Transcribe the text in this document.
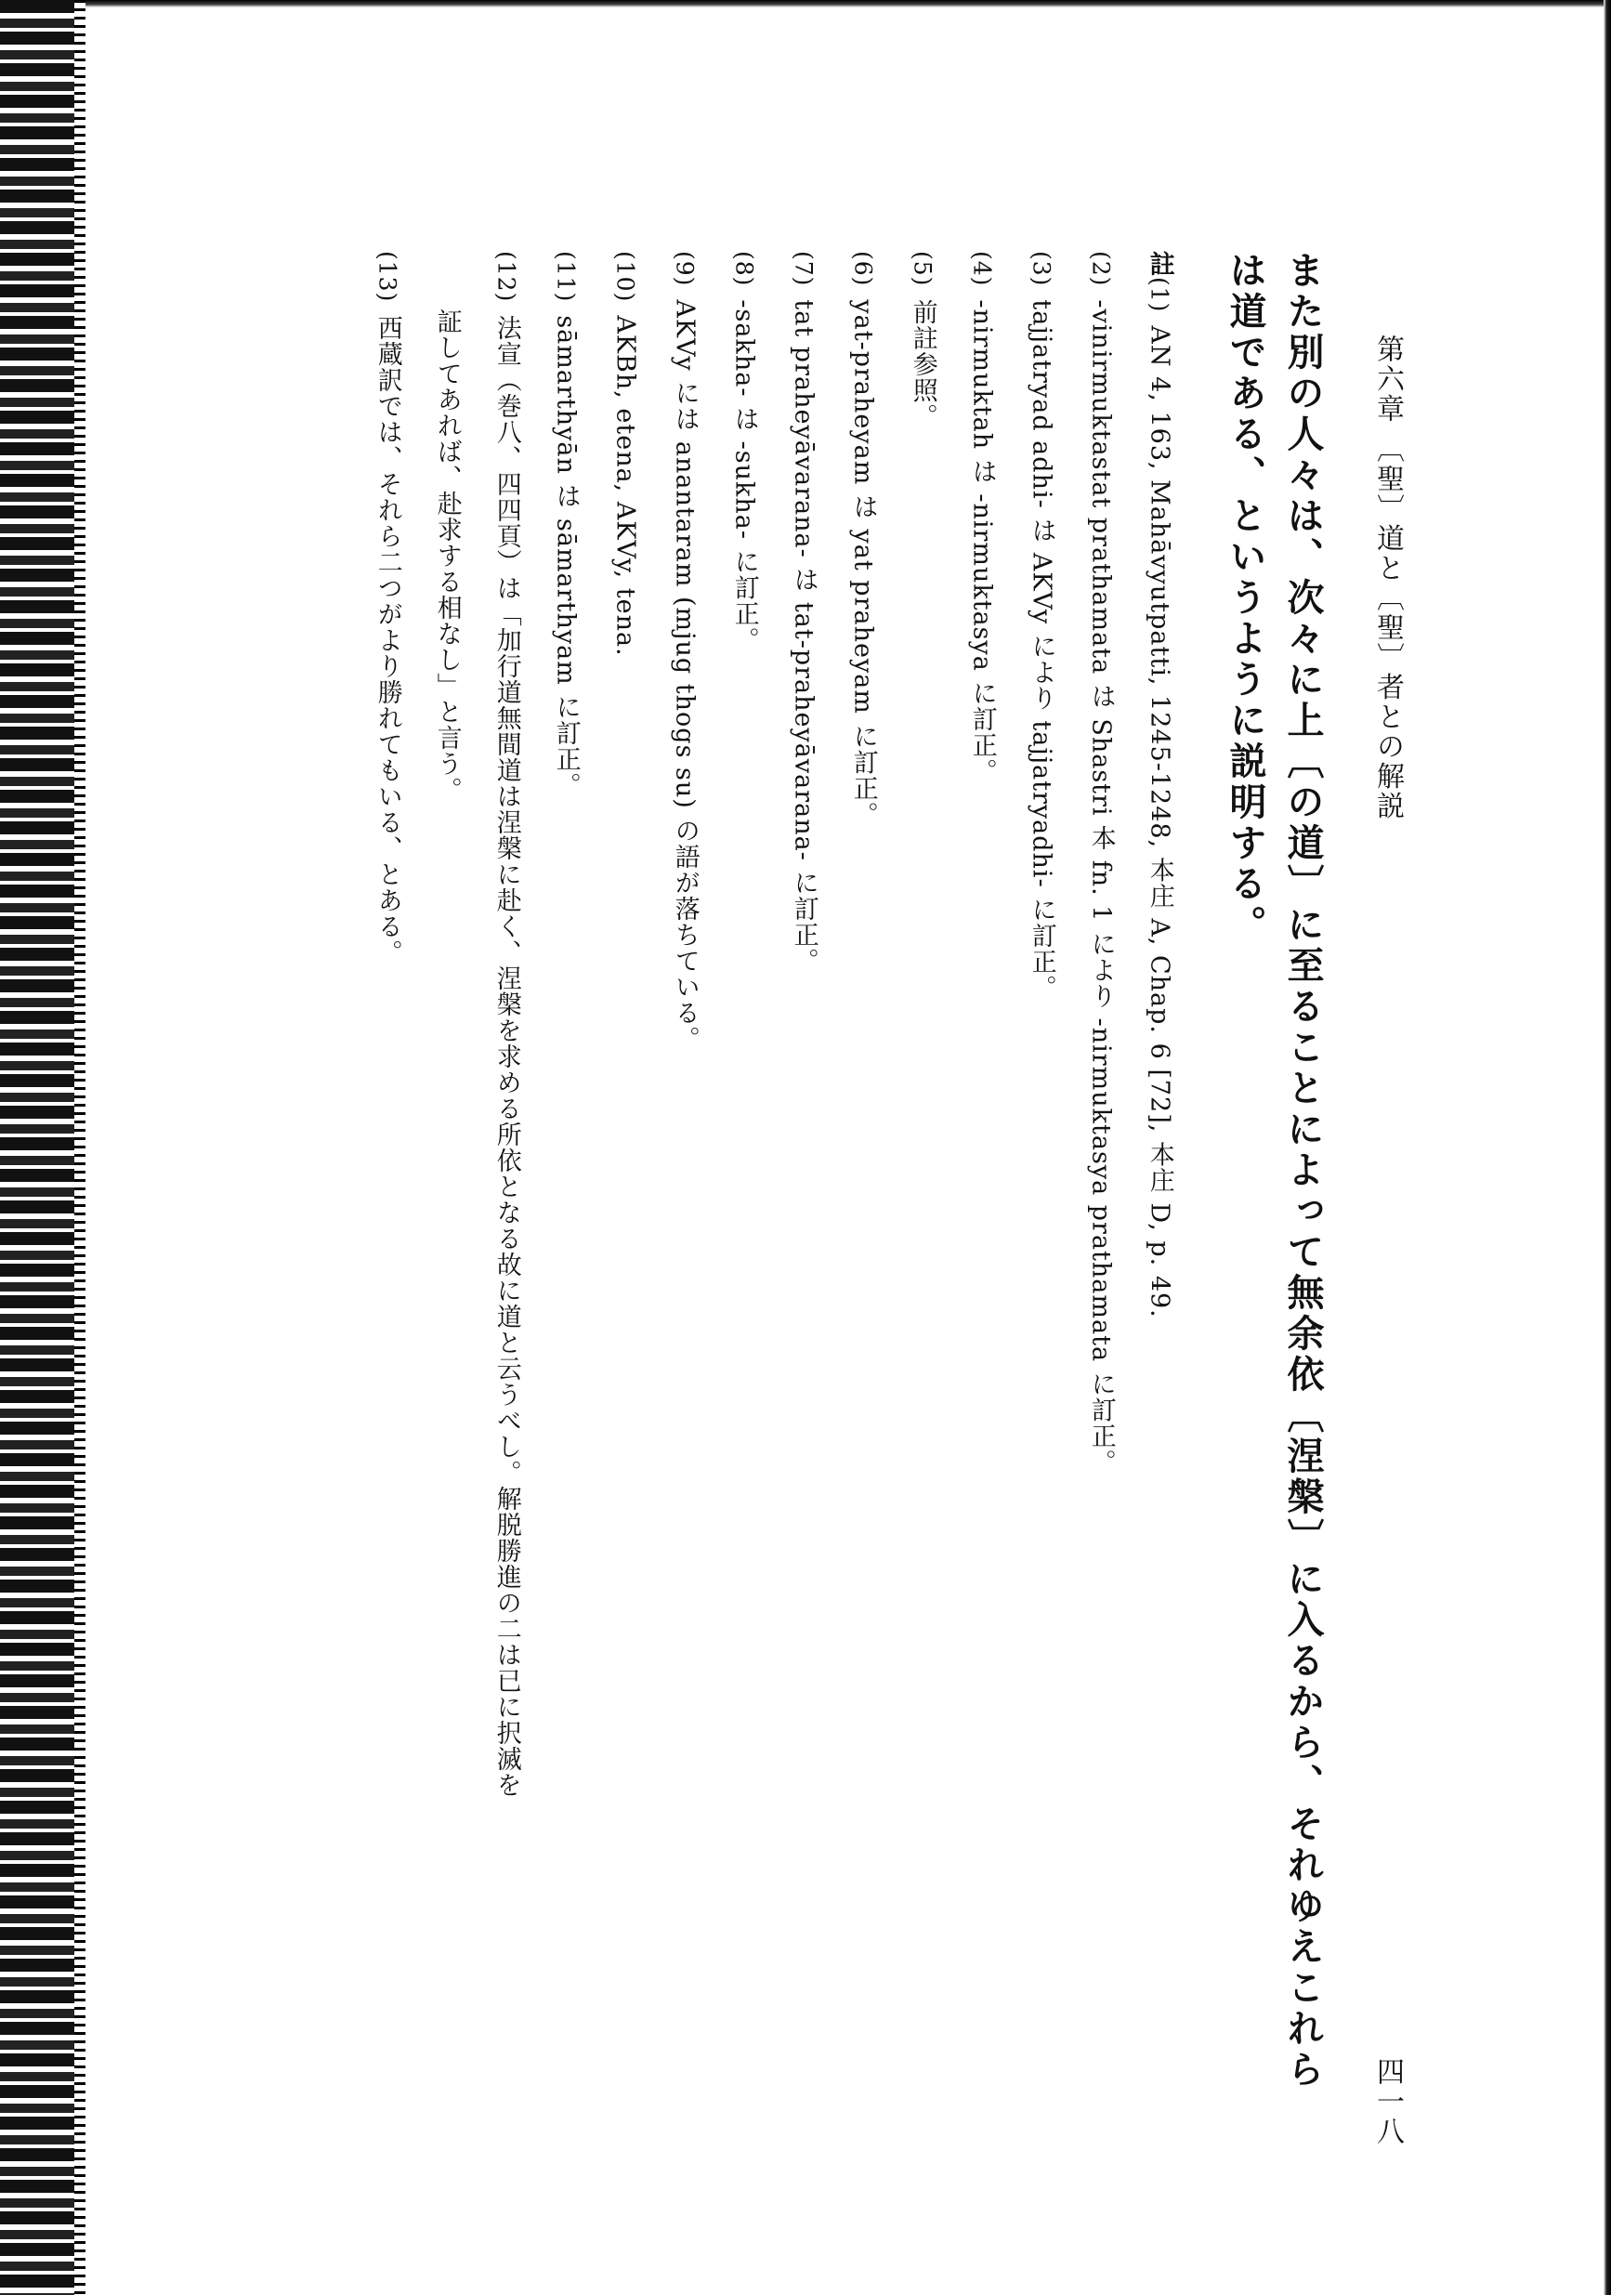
第六章 〔聖〕道と〔聖〕者との解説
四一八
また別の人々は、次々に上〔の道〕に至ることによって無余依〔涅槃〕に入るから、それゆえこれら
は道である、というように説明する。
註(1)AN 4, 163, Mahāvyutpatti, 1245-1248, 本庄 A, Chap. 6 [72], 本庄 D, p. 49.
(2)-vinirmuktastat prathamata は Shastri 本 fn. 1 により -nirmuktasya prathamata に訂正。
(3)tajjatryad adhi- は AKVy により tajjatryadhi- に訂正。
(4)-nirmuktah は -nirmuktasya に訂正。
(5)前註参照。
(6)yat-praheyam は yat praheyam に訂正。
(7)tat praheyāvarana- は tat-praheyāvarana- に訂正。
(8)-sakha- は -sukha- に訂正。
(9)AKVy には anantaram (mjug thogs su) の語が落ちている。
(10)AKBh, etena, AKVy, tena.
(11)sāmarthyān は sāmarthyam に訂正。
(12)法宣（巻八、四四頁）は「加行道無間道は涅槃に赴く、涅槃を求める所依となる故に道と云うべし。解脱勝進の二は已に択滅を
証してあれば、赴求する相なし」と言う。
(13)西蔵訳では、それら二つがより勝れてもいる、とある。
